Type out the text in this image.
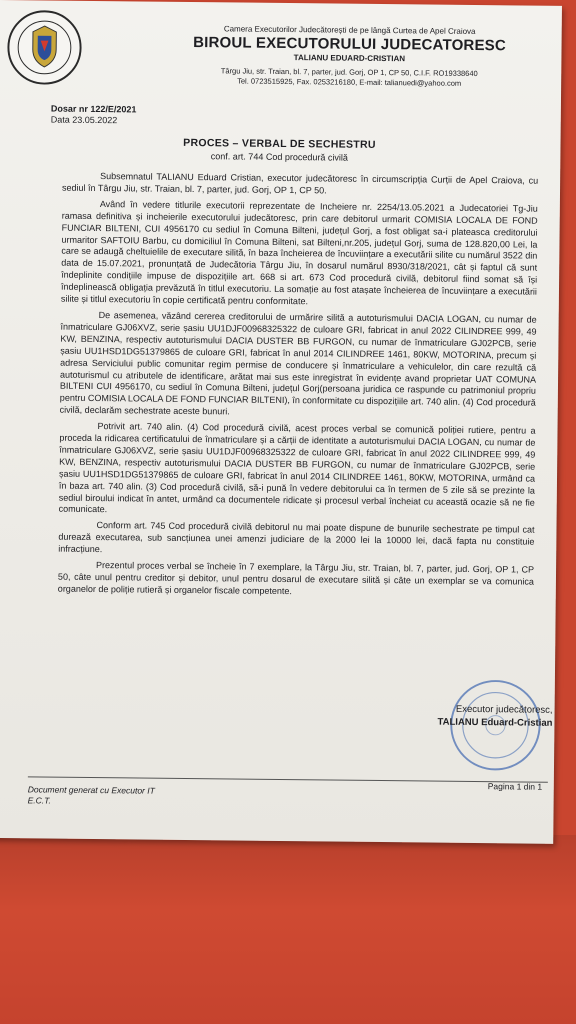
Camera Executorilor Judecătorești de pe lângă Curtea de Apel Craiova
BIROUL EXECUTORULUI JUDECATORESC
TALIANU EDUARD-CRISTIAN
Târgu Jiu, str. Traian, bl. 7, parter, jud. Gorj, OP 1, CP 50, C.I.F. RO19338640
Tel. 0723515925, Fax. 0253216180, E-mail: talianuedi@yahoo.com
Dosar nr 122/E/2021
Data 23.05.2022
PROCES – VERBAL DE SECHESTRU
conf. art. 744 Cod procedură civilă

Subsemnatul TALIANU Eduard Cristian, executor judecătoresc în circumscripția Curții de Apel Craiova, cu sediul în Târgu Jiu, str. Traian, bl. 7, parter, jud. Gorj, OP 1, CP 50.

Având în vedere titlurile executorii reprezentate de Incheiere nr. 2254/13.05.2021 a Judecatoriei Tg-Jiu ramasa definitiva și incheierile executorului judecătoresc, prin care debitorul urmarit COMISIA LOCALA DE FOND FUNCIAR BILTENI, CUI 4956170 cu sediul în Comuna Bilteni, județul Gorj, a fost obligat sa-i plateasca creditorului urmaritor SAFTOIU Barbu, cu domiciliul în Comuna Bilteni, sat Bilteni,nr.205, județul Gorj, suma de 128.820,00 Lei, la care se adaugă cheltuielile de executare silită, în baza încheierea de încuviințare a executării silite cu numărul 3522 din data de 15.07.2021, pronunțată de Judecătoria Târgu Jiu, în dosarul numărul 8930/318/2021, cât și faptul că sunt îndeplinite condițiile impuse de dispozițiile art. 668 si art. 673 Cod procedură civilă, debitorul fiind somat să își îndeplinească obligația prevăzută în titlul executoriu. La somație au fost atașate încheierea de încuviințare a executării silite și titlul executoriu în copie certificată pentru conformitate.

De asemenea, văzând cererea creditorului de urmărire silită a autoturismului DACIA LOGAN, cu numar de înmatriculare GJ06XVZ, serie șasiu UU1DJF00968325322 de culoare GRI, fabricat in anul 2022 CILINDREE 999, 49 KW, BENZINA, respectiv autoturismului DACIA DUSTER BB FURGON, cu numar de înmatriculare GJ02PCB, serie șasiu UU1HSD1DG51379865 de culoare GRI, fabricat în anul 2014 CILINDREE 1461, 80KW, MOTORINA, precum și adresa Serviciului public comunitar regim permise de conducere și înmatriculare a vehiculelor, din care rezultă că autoturismul cu atributele de identificare, arătat mai sus este inregistrat în evidențe avand proprietar UAT COMUNA BILTENI CUI 4956170, cu sediul în Comuna Bilteni, județul Gorj(persoana juridica ce raspunde cu patrimoniul propriu pentru COMISIA LOCALA DE FOND FUNCIAR BILTENI), în conformitate cu dispozițiile art. 740 alin. (4) Cod procedură civilă, declarăm sechestrate aceste bunuri.

Potrivit art. 740 alin. (4) Cod procedură civilă, acest proces verbal se comunică poliției rutiere, pentru a proceda la ridicarea certificatului de înmatriculare și a cărții de identitate a autoturismului DACIA LOGAN, cu numar de înmatriculare GJ06XVZ, serie șasiu UU1DJF00968325322 de culoare GRI, fabricat în anul 2022 CILINDREE 999, 49 KW, BENZINA, respectiv autoturismului DACIA DUSTER BB FURGON, cu numar de înmatriculare GJ02PCB, serie șasiu UU1HSD1DG51379865 de culoare GRI, fabricat în anul 2014 CILINDREE 1461, 80KW, MOTORINA, urmând ca în baza art. 740 alin. (3) Cod procedură civilă, să-i pună în vedere debitorului ca în termen de 5 zile să se prezinte la sediul biroului indicat în antet, urmând ca documentele ridicate și procesul verbal încheiat cu această ocazie să ne fie comunicate.

Conform art. 745 Cod procedură civilă debitorul nu mai poate dispune de bunurile sechestrate pe timpul cat durează executarea, sub sancțiunea unei amenzi judiciare de la 2000 lei la 10000 lei, dacă fapta nu constituie infracțiune.

Prezentul proces verbal se încheie în 7 exemplare, la Târgu Jiu, str. Traian, bl. 7, parter, jud. Gorj, OP 1, CP 50, câte unul pentru creditor și debitor, unul pentru dosarul de executare silită și câte un exemplar se va comunica organelor de poliție rutieră și organelor fiscale competente.

Executor judecătoresc,
TALIANU Eduard-Cristian
Document generat cu Executor IT
E.C.T.
Pagina 1 din 1
